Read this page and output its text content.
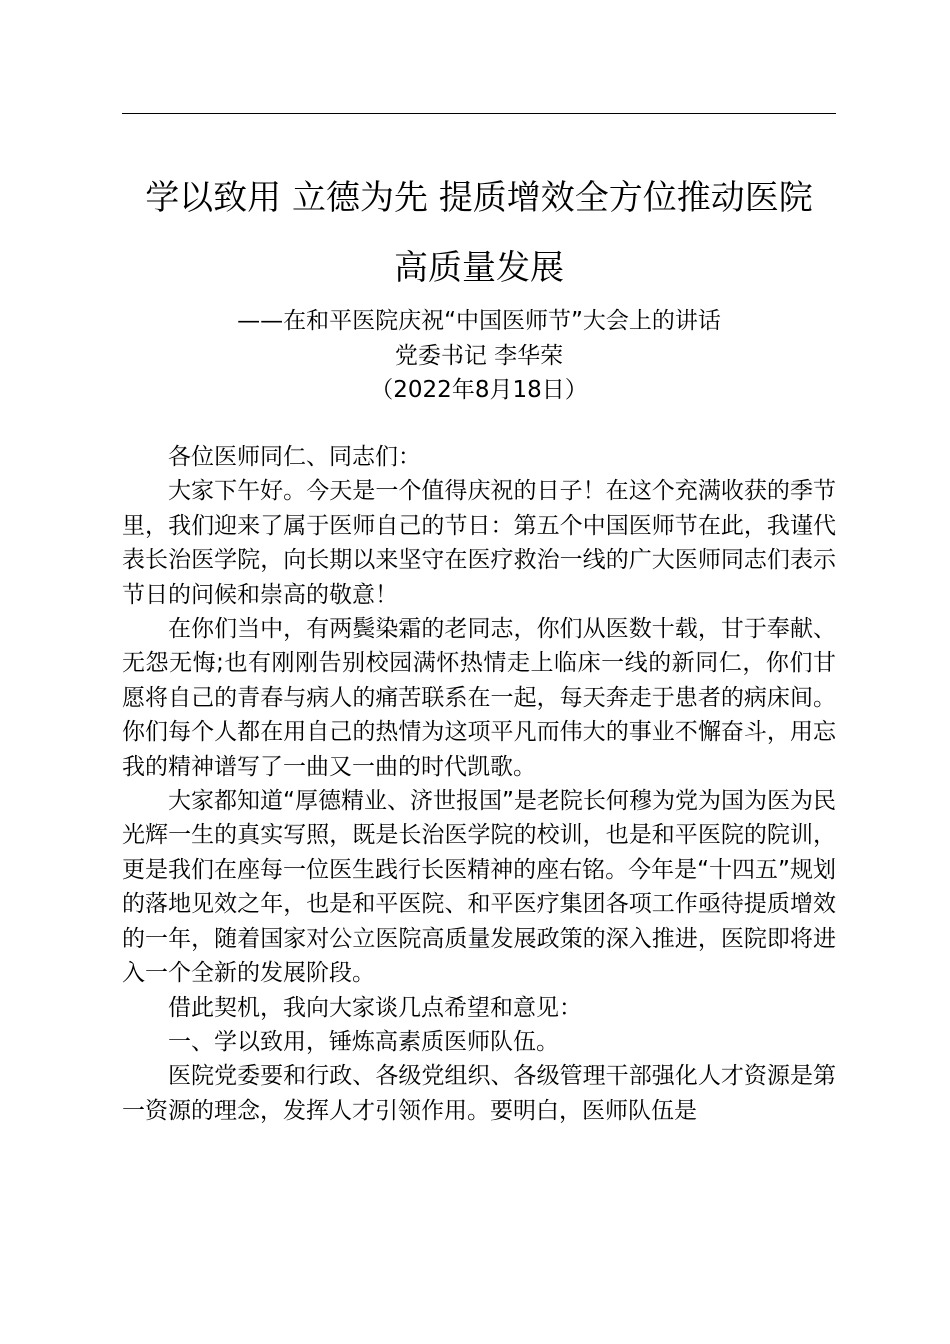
学以致用 立德为先 提质增效全方位推动医院
高质量发展
——在和平医院庆祝“中国医师节”大会上的讲话
党委书记 李华荣
（2022年8月18日）

各位医师同仁、同志们：

大家下午好。今天是一个值得庆祝的日子！在这个充满收获的季节里，我们迎来了属于医师自己的节日：第五个中国医师节在此，我谨代表长治医学院，向长期以来坚守在医疗救治一线的广大医师同志们表示节日的问候和崇高的敬意！

在你们当中，有两鬓染霜的老同志，你们从医数十载，甘于奉献、无怨无悔;也有刚刚告别校园满怀热情走上临床一线的新同仁，你们甘愿将自己的青春与病人的痛苦联系在一起，每天奔走于患者的病床间。你们每个人都在用自己的热情为这项平凡而伟大的事业不懈奋斗，用忘我的精神谱写了一曲又一曲的时代凯歌。

大家都知道“厚德精业、济世报国”是老院长何穆为党为国为医为民光辉一生的真实写照，既是长治医学院的校训，也是和平医院的院训，更是我们在座每一位医生践行长医精神的座右铭。今年是“十四五”规划的落地见效之年，也是和平医院、和平医疗集团各项工作亟待提质增效的一年，随着国家对公立医院高质量发展政策的深入推进，医院即将进入一个全新的发展阶段。

借此契机，我向大家谈几点希望和意见：

一、学以致用，锤炼高素质医师队伍。

医院党委要和行政、各级党组织、各级管理干部强化人才资源是第一资源的理念，发挥人才引领作用。要明白，医师队伍是
